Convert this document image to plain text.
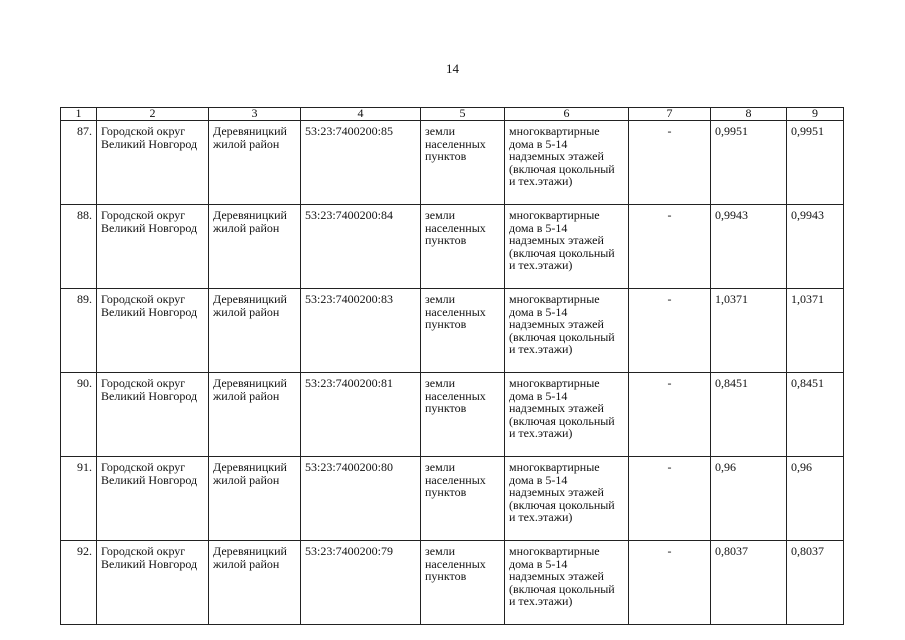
14
1	2	3	4	5	6	7	8	9
87.	Городской округ Великий Новгород	Деревяницкий жилой район	53:23:7400200:85	земли населенных пунктов	многоквартирные дома в 5-14 надземных этажей (включая цокольный и тех.этажи)	-	0,9951	0,9951
88.	Городской округ Великий Новгород	Деревяницкий жилой район	53:23:7400200:84	земли населенных пунктов	многоквартирные дома в 5-14 надземных этажей (включая цокольный и тех.этажи)	-	0,9943	0,9943
89.	Городской округ Великий Новгород	Деревяницкий жилой район	53:23:7400200:83	земли населенных пунктов	многоквартирные дома в 5-14 надземных этажей (включая цокольный и тех.этажи)	-	1,0371	1,0371
90.	Городской округ Великий Новгород	Деревяницкий жилой район	53:23:7400200:81	земли населенных пунктов	многоквартирные дома в 5-14 надземных этажей (включая цокольный и тех.этажи)	-	0,8451	0,8451
91.	Городской округ Великий Новгород	Деревяницкий жилой район	53:23:7400200:80	земли населенных пунктов	многоквартирные дома в 5-14 надземных этажей (включая цокольный и тех.этажи)	-	0,96	0,96
92.	Городской округ Великий Новгород	Деревяницкий жилой район	53:23:7400200:79	земли населенных пунктов	многоквартирные дома в 5-14 надземных этажей (включая цокольный и тех.этажи)	-	0,8037	0,8037
